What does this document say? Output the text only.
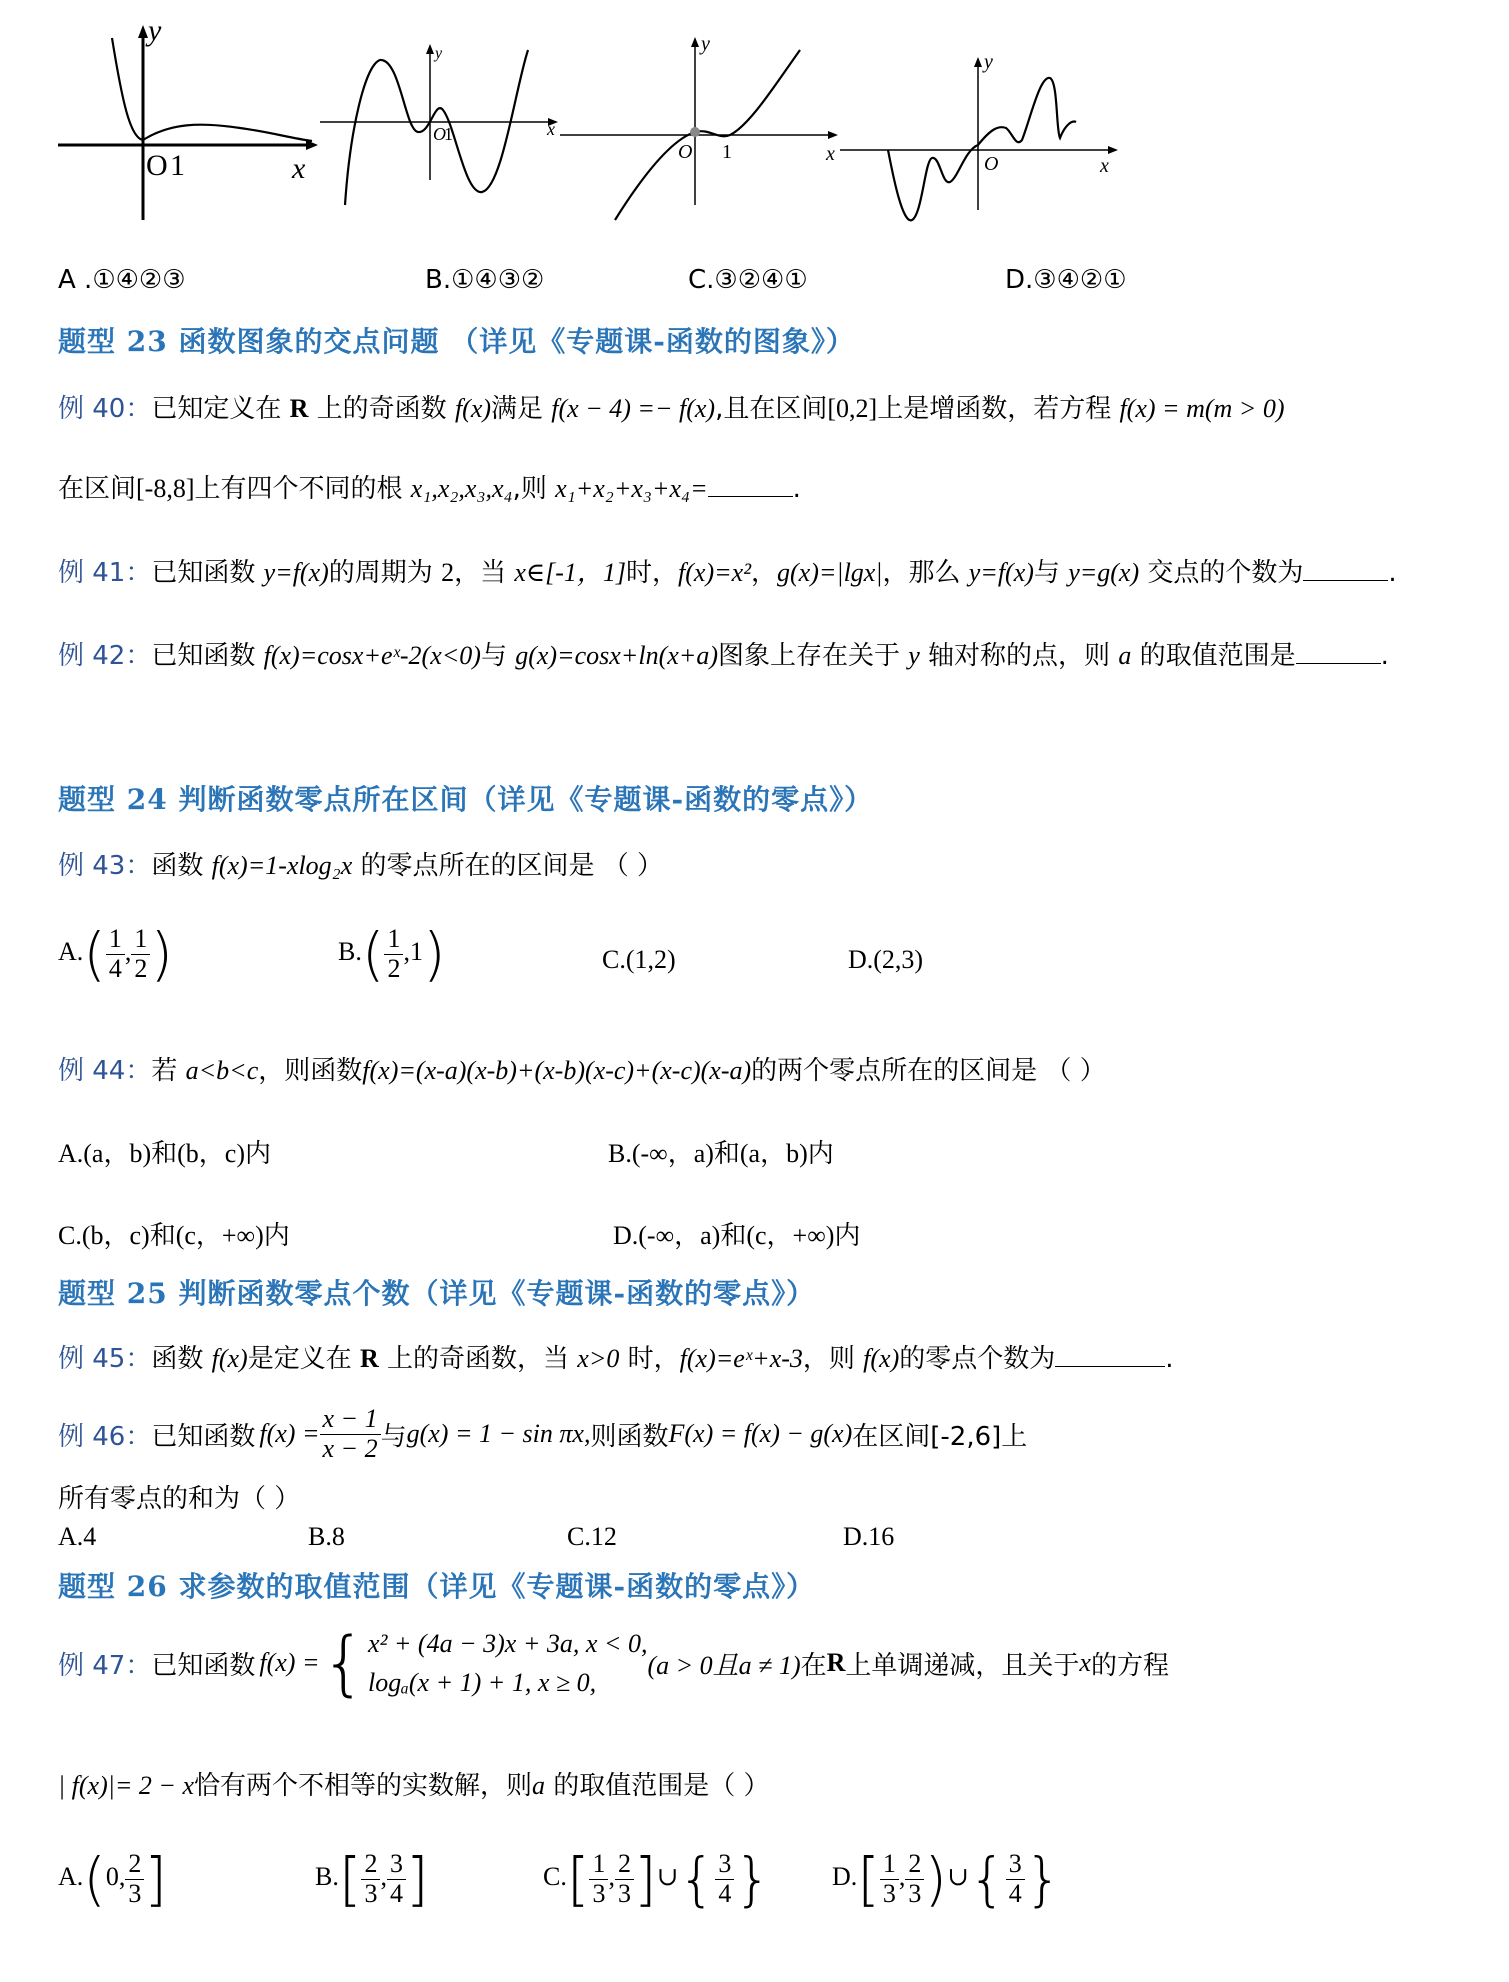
y
O 1	x
y
O
1	x
y
O 1	x
y
O	x
A .①④②③	B.①④③②	C.③②④①	D.③④②①
题型 23 函数图象的交点问题 （详见《专题课-函数的图象》）
例 40：已知定义在 R 上的奇函数 f(x)满足 f(x − 4) =− f(x),且在区间[0,2]上是增函数，若方程 f(x) = m(m > 0)
在区间[-8,8]上有四个不同的根 x₁,x₂,x₃,x₄,则 x₁+x₂+x₃+x₄=	.
例 41：已知函数 y=f(x)的周期为 2，当 x∈[-1，1]时，f(x)=x²，g(x)=|lgx|，那么 y=f(x)与 y=g(x) 交点的个数为	.
例 42：已知函数 f(x)=cosx+eˣ-2(x<0)与 g(x)=cosx+ln(x+a)图象上存在关于 y 轴对称的点，则 a 的取值范围是	.
题型 24 判断函数零点所在区间（详见《专题课-函数的零点》）
例 43：函数 f(x)=1-xlog₂x 的零点所在的区间是 （ ）
$A.( \frac{1}{4}$ , $\frac{1}{2}$ )	$B.( \frac{1}{2} ,1)$	C.(1,2)	D.(2,3)
例 44：若 a<b<c，则函数f(x)=(x-a)(x-b)+(x-b)(x-c)+(x-c)(x-a)的两个零点所在的区间是 （ ）
A.(a，b)和(b，c)内	B.(-∞，a)和(a，b)内
C.(b，c)和(c，+∞)内	D.(-∞，a)和(c，+∞)内
题型 25 判断函数零点个数（详见《专题课-函数的零点》）
例 45：函数 f(x)是定义在 R 上的奇函数，当 x>0 时，f(x)=eˣ+x-3，则 f(x)的零点个数为	.
例 46： 已知函数 $f(x) = \frac{x - 1}{x - 2}$ 与 g(x) = 1 − sin πx, 则函数 F(x) = f(x) − g(x) 在区间[-2,6]上
所有零点的和为（ ）
A.4	B.8	C.12	D.16
题型 26 求参数的取值范围（详见《专题课-函数的零点》）
例 47： 已知函数 f(x) = { x² + (4a − 3)x + 3a, x < 0,
logₐ(x + 1) + 1, x ≥ 0,
(a > 0且a ≠ 1) 在 R 上单调递减，且关于 x 的方程
| f(x)|= 2 − x恰有两个不相等的实数解，则a 的取值范围是（ ）
A.(0, $\frac{2}{3}$ ]	$B.[ \frac{2}{3}$ , $\frac{3}{4}$ ]	$C.[ \frac{1}{3}$ , $\frac{2}{3}$ ]∪{ $\frac{3}{4}$ } $D.[ \frac{1}{3}$ , $\frac{2}{3}$ )∪{ $\frac{3}{4}$ }
